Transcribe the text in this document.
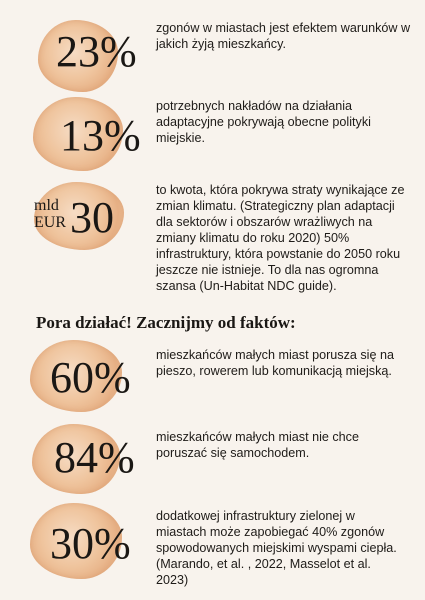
23% zgonów w miastach jest efektem warunków w jakich żyją mieszkańcy.
13%
potrzebnych nakładów na działania adaptacyjne pokrywają obecne polityki miejskie.
mld
EUR 30
to kwota, która pokrywa straty wynikające ze zmian klimatu. (Strategiczny plan adaptacji dla sektorów i obszarów wrażliwych na zmiany klimatu do roku 2020) 50% infrastruktury, która powstanie do 2050 roku jeszcze nie istnieje. To dla nas ogromna szansa (Un-Habitat NDC guide).
Pora działać! Zacznijmy od faktów:
60% mieszkańców małych miast porusza się na pieszo, rowerem lub komunikacją miejską.
84% mieszkańców małych miast nie chce poruszać się samochodem.
30%
dodatkowej infrastruktury zielonej w miastach może zapobiegać 40% zgonów spowodowanych miejskimi wyspami ciepła. (Marando, et al. , 2022, Masselot et al. 2023)
